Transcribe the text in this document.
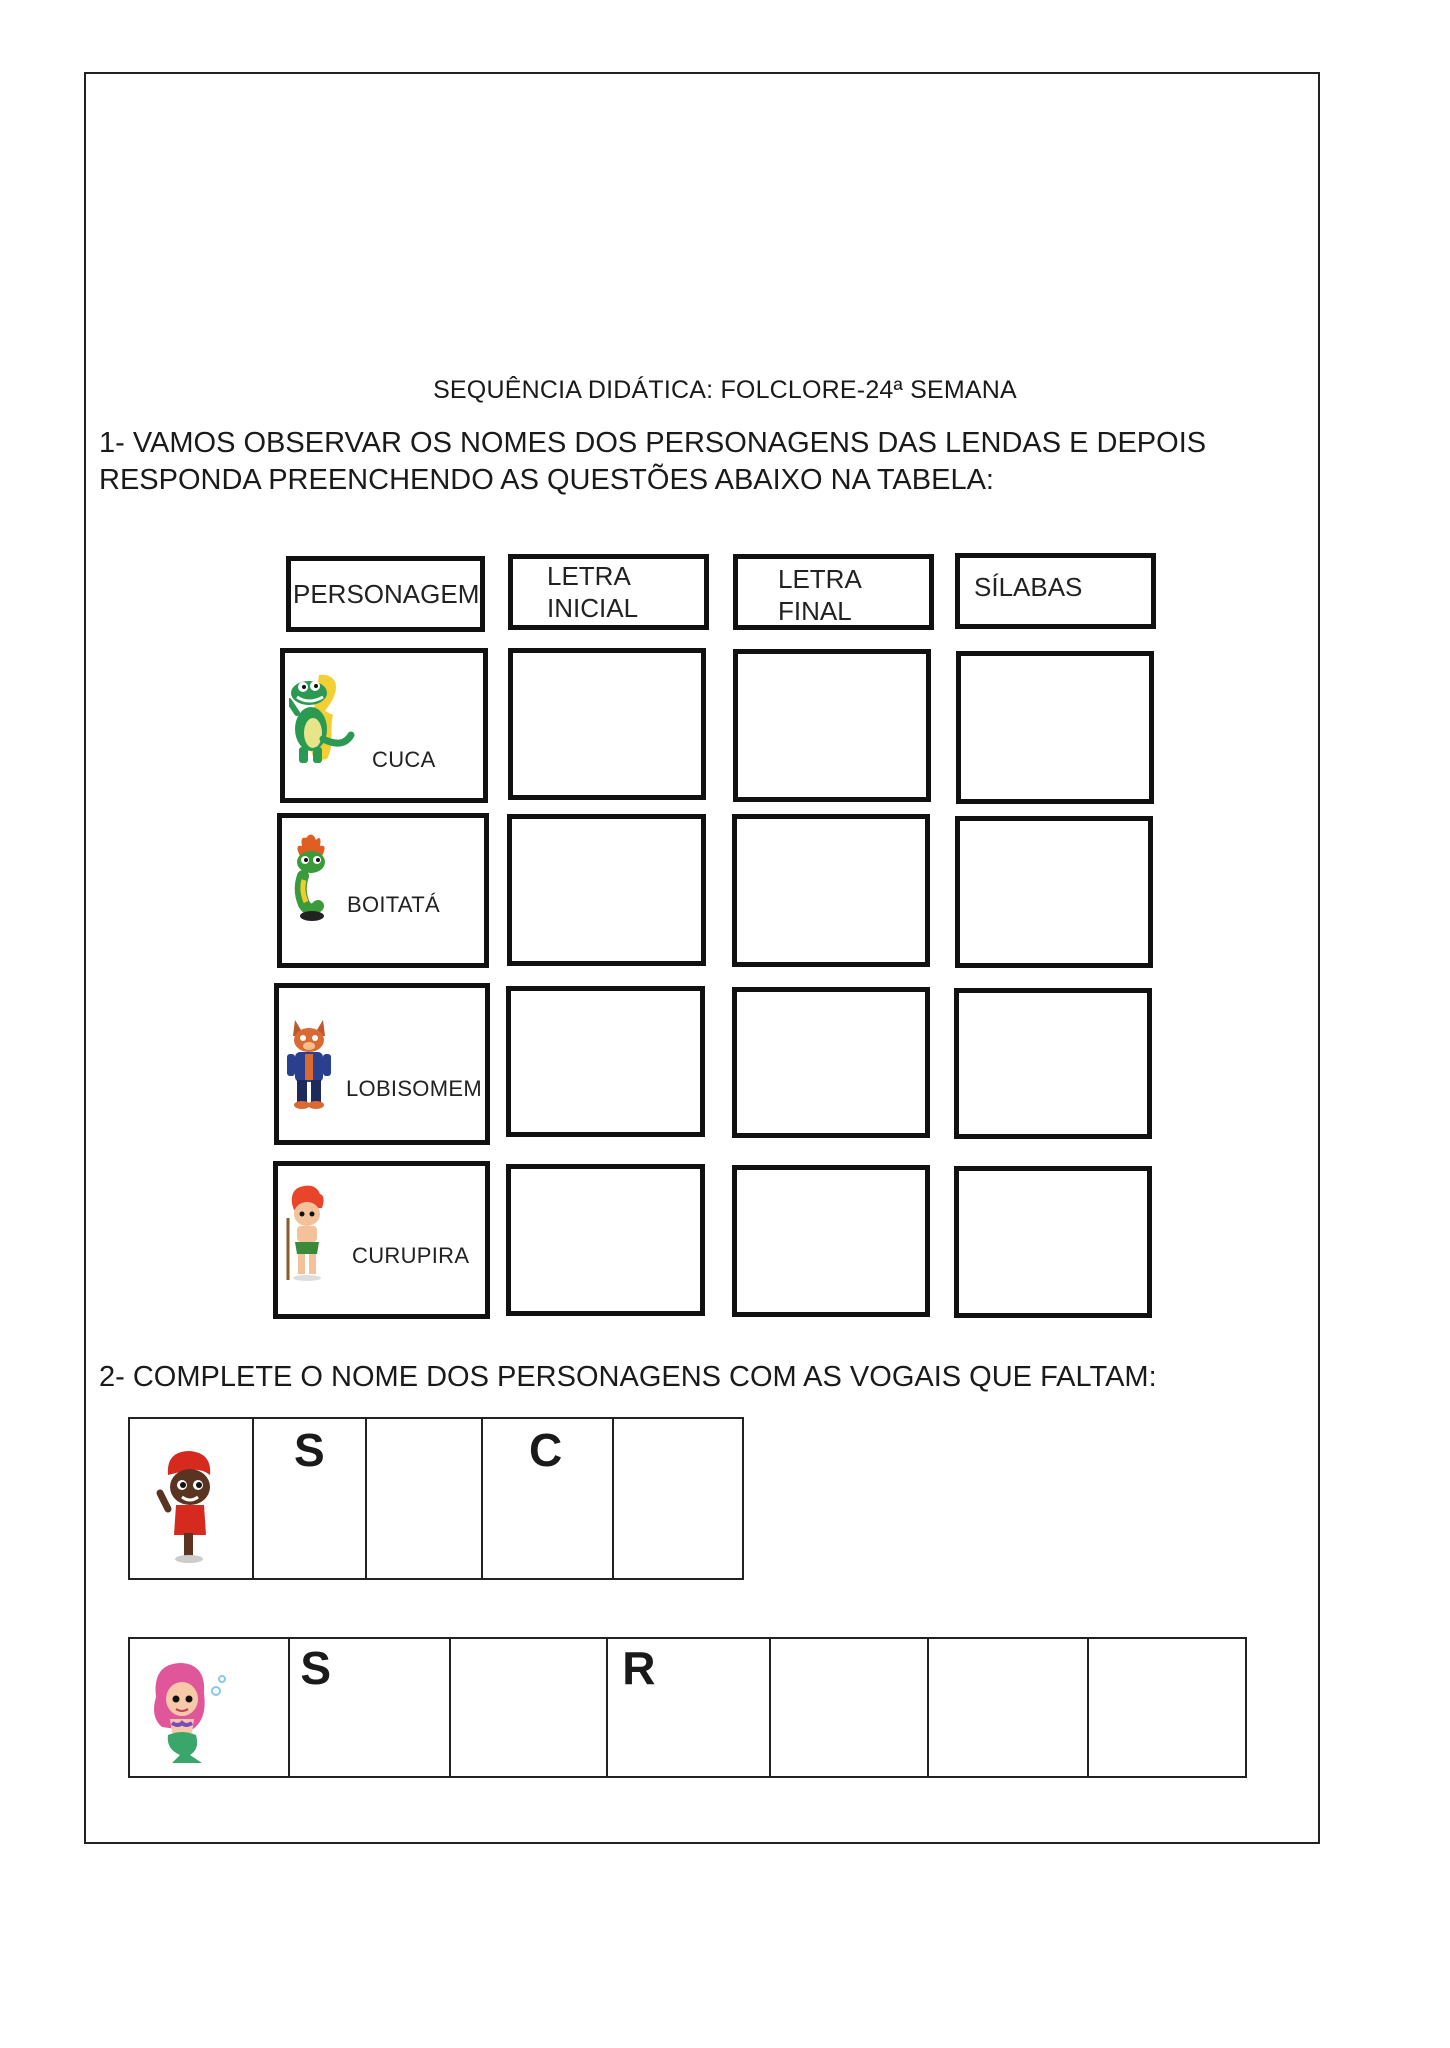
SEQUÊNCIA DIDÁTICA: FOLCLORE-24ª SEMANA
1- VAMOS OBSERVAR OS NOMES DOS PERSONAGENS DAS LENDAS E DEPOIS
RESPONDA PREENCHENDO AS QUESTÕES ABAIXO NA TABELA:
PERSONAGEM
LETRA
INICIAL
LETRA
FINAL
SÍLABAS
CUCA
BOITATÁ
LOBISOMEM
CURUPIRA
2- COMPLETE O NOME DOS PERSONAGENS COM AS VOGAIS QUE FALTAM:
S	C
S	R
